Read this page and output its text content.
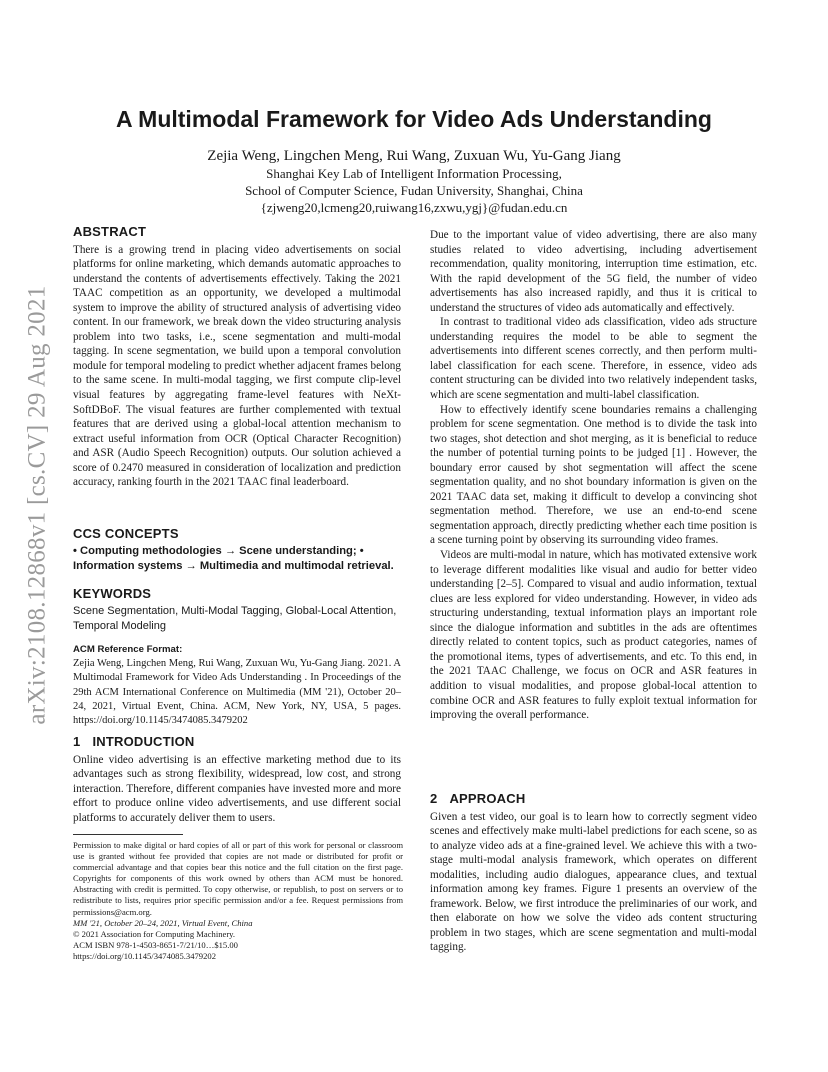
arXiv:2108.12868v1 [cs.CV] 29 Aug 2021
A Multimodal Framework for Video Ads Understanding
Zejia Weng, Lingchen Meng, Rui Wang, Zuxuan Wu, Yu-Gang Jiang
Shanghai Key Lab of Intelligent Information Processing,
School of Computer Science, Fudan University, Shanghai, China
{zjweng20,lcmeng20,ruiwang16,zxwu,ygj}@fudan.edu.cn
ABSTRACT

There is a growing trend in placing video advertisements on social platforms for online marketing, which demands automatic approaches to understand the contents of advertisements effectively. Taking the 2021 TAAC competition as an opportunity, we developed a multimodal system to improve the ability of structured analysis of advertising video content. In our framework, we break down the video structuring analysis problem into two tasks, i.e., scene segmentation and multi-modal tagging. In scene segmentation, we build upon a temporal convolution module for temporal modeling to predict whether adjacent frames belong to the same scene. In multi-modal tagging, we first compute clip-level visual features by aggregating frame-level features with NeXt-SoftDBoF. The visual features are further complemented with textual features that are derived using a global-local attention mechanism to extract useful information from OCR (Optical Character Recognition) and ASR (Audio Speech Recognition) outputs. Our solution achieved a score of 0.2470 measured in consideration of localization and prediction accuracy, ranking fourth in the 2021 TAAC final leaderboard.

CCS CONCEPTS

• Computing methodologies → Scene understanding; • Information systems → Multimedia and multimodal retrieval.

KEYWORDS

Scene Segmentation, Multi-Modal Tagging, Global-Local Attention, Temporal Modeling

ACM Reference Format:

Zejia Weng, Lingchen Meng, Rui Wang, Zuxuan Wu, Yu-Gang Jiang. 2021. A Multimodal Framework for Video Ads Understanding . In Proceedings of the 29th ACM International Conference on Multimedia (MM '21), October 20–24, 2021, Virtual Event, China. ACM, New York, NY, USA, 5 pages. https://doi.org/10.1145/3474085.3479202

1 INTRODUCTION

Online video advertising is an effective marketing method due to its advantages such as strong flexibility, widespread, low cost, and strong interaction. Therefore, different companies have invested more and more effort to produce online video advertisements, and use different social platforms to accurately deliver them to users.

Permission to make digital or hard copies of all or part of this work for personal or classroom use is granted without fee provided that copies are not made or distributed for profit or commercial advantage and that copies bear this notice and the full citation on the first page. Copyrights for components of this work owned by others than ACM must be honored. Abstracting with credit is permitted. To copy otherwise, or republish, to post on servers or to redistribute to lists, requires prior specific permission and/or a fee. Request permissions from permissions@acm.org.

MM '21, October 20–24, 2021, Virtual Event, China

© 2021 Association for Computing Machinery.

ACM ISBN 978-1-4503-8651-7/21/10…$15.00

https://doi.org/10.1145/3474085.3479202

Due to the important value of video advertising, there are also many studies related to video advertising, including advertisement recommendation, quality monitoring, interruption time estimation, etc. With the rapid development of the 5G field, the number of video advertisements has also increased rapidly, and thus it is critical to understand the structures of video ads automatically and effectively.

In contrast to traditional video ads classification, video ads structure understanding requires the model to be able to segment the advertisements into different scenes correctly, and then perform multi-label classification for each scene. Therefore, in essence, video ads content structuring can be divided into two relatively independent tasks, which are scene segmentation and multi-label classification.

How to effectively identify scene boundaries remains a challenging problem for scene segmentation. One method is to divide the task into two stages, shot detection and shot merging, as it is beneficial to reduce the number of potential turning points to be judged [1] . However, the boundary error caused by shot segmentation will affect the scene segmentation quality, and no shot boundary information is given on the 2021 TAAC data set, making it difficult to develop a convincing shot segmentation method. Therefore, we use an end-to-end scene segmentation approach, directly predicting whether each time position is a scene turning point by observing its surrounding video frames.

Videos are multi-modal in nature, which has motivated extensive work to leverage different modalities like visual and audio for better video understanding [2–5]. Compared to visual and audio information, textual clues are less explored for video understanding. However, in video ads structuring understanding, textual information plays an important role since the dialogue information and subtitles in the ads are oftentimes directly related to content topics, such as product categories, names of the promotional items, types of advertisements, and etc. To this end, in the 2021 TAAC Challenge, we focus on OCR and ASR features in addition to visual modalities, and propose global-local attention to combine OCR and ASR features to fully exploit textual information for improving the overall performance.

2 APPROACH

Given a test video, our goal is to learn how to correctly segment video scenes and effectively make multi-label predictions for each scene, so as to analyze video ads at a fine-grained level. We achieve this with a two-stage multi-modal analysis framework, which operates on different modalities, including audio dialogues, appearance clues, and textual information among key frames. Figure 1 presents an overview of the framework. Below, we first introduce the preliminaries of our work, and then elaborate on how we solve the video ads content structuring problem in two stages, which are scene segmentation and multi-modal tagging.
